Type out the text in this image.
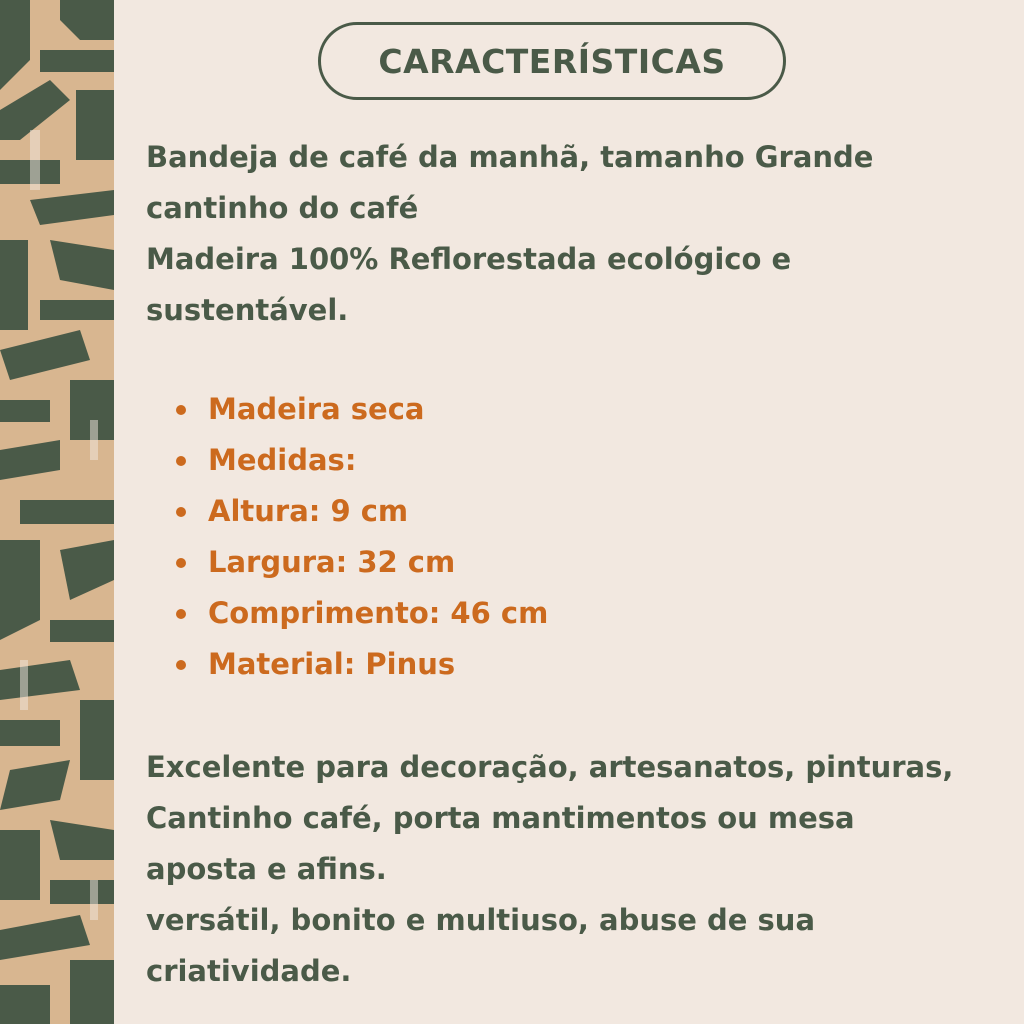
CARACTERÍSTICAS

Bandeja de café da manhã, tamanho Grande

cantinho do café

Madeira 100% Reflorestada ecológico e

sustentável.

Madeira seca
Medidas:
Altura: 9 cm
Largura: 32 cm
Comprimento: 46 cm
Material: Pinus

Excelente para decoração, artesanatos, pinturas,

Cantinho café, porta mantimentos ou mesa

aposta e afins.

versátil, bonito e multiuso, abuse de sua

criatividade.
